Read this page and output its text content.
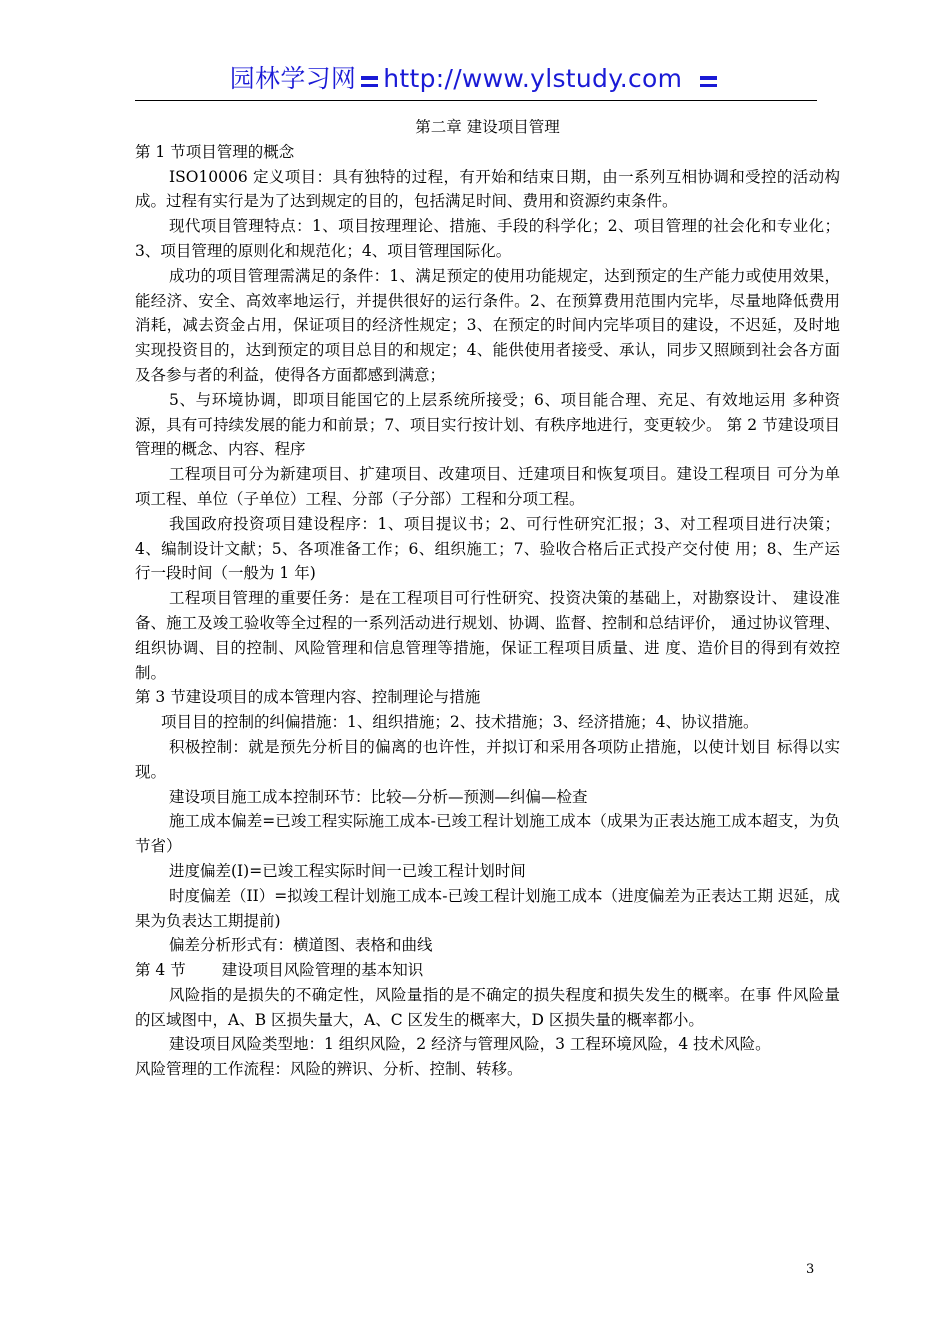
园林学习网 http://www.ylstudy.com

第二章 建设项目管理

第 1 节项目管理的概念

ISO10006 定义项目：具有独特的过程，有开始和结束日期，由一系列互相协调和受控的活动构成。过程有实行是为了达到规定的目的，包括满足时间、费用和资源约束条件。

现代项目管理特点：1、项目按理理论、措施、手段的科学化；2、项目管理的社会化和专业化；3、项目管理的原则化和规范化；4、项目管理国际化。

成功的项目管理需满足的条件：1、满足预定的使用功能规定，达到预定的生产能力或使用效果，能经济、安全、高效率地运行，并提供很好的运行条件。2、在预算费用范围内完毕，尽量地降低费用消耗，减去资金占用，保证项目的经济性规定；3、在预定的时间内完毕项目的建设，不迟延，及时地实现投资目的，达到预定的项目总目的和规定；4、能供使用者接受、承认，同步又照顾到社会各方面及各参与者的利益，使得各方面都感到满意；

5、与环境协调，即项目能国它的上层系统所接受；6、项目能合理、充足、有效地运用 多种资源，具有可持续发展的能力和前景；7、项目实行按计划、有秩序地进行，变更较少。 第 2 节建设项目管理的概念、内容、程序

工程项目可分为新建项目、扩建项目、改建项目、迁建项目和恢复项目。建设工程项目 可分为单项工程、单位（子单位）工程、分部（子分部）工程和分项工程。

我国政府投资项目建设程序：1、项目提议书；2、可行性研究汇报；3、对工程项目进行决策；4、编制设计文献；5、各项准备工作；6、组织施工；7、验收合格后正式投产交付使 用；8、生产运行一段时间（一般为 1 年)

工程项目管理的重要任务：是在工程项目可行性研究、投资决策的基础上，对勘察设计、 建设准备、施工及竣工验收等全过程的一系列活动进行规划、协调、监督、控制和总结评价， 通过协议管理、组织协调、目的控制、风险管理和信息管理等措施，保证工程项目质量、进 度、造价目的得到有效控制。

第 3 节建设项目的成本管理内容、控制理论与措施

项目目的控制的纠偏措施：1、组织措施；2、技术措施；3、经济措施；4、协议措施。

积极控制：就是预先分析目的偏离的也许性，并拟订和采用各项防止措施，以使计划目 标得以实现。

建设项目施工成本控制环节：比较—分析—预测—纠偏—检查

施工成本偏差=已竣工程实际施工成本-已竣工程计划施工成本（成果为正表达施工成本超支，为负节省）

进度偏差(I)=已竣工程实际时间一已竣工程计划时间

时度偏差（II）=拟竣工程计划施工成本-已竣工程计划施工成本（进度偏差为正表达工期 迟延，成果为负表达工期提前)

偏差分析形式有：横道图、表格和曲线

第 4 节 建设项目风险管理的基本知识

风险指的是损失的不确定性，风险量指的是不确定的损失程度和损失发生的概率。在事 件风险量的区域图中，A、B 区损失量大，A、C 区发生的概率大，D 区损失量的概率都小。

建设项目风险类型地：1 组织风险，2 经济与管理风险，3 工程环境风险，4 技术风险。

风险管理的工作流程：风险的辨识、分析、控制、转移。

3
